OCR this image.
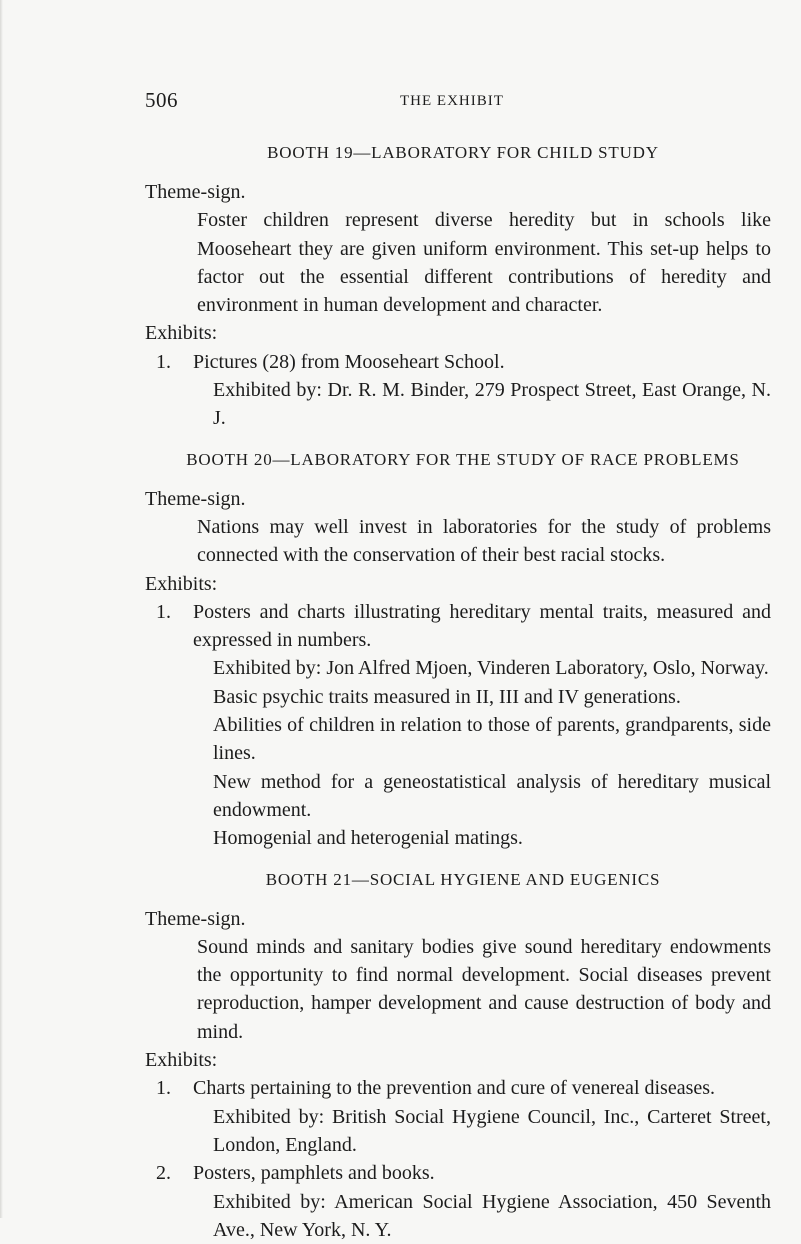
506	THE EXHIBIT

BOOTH 19—LABORATORY FOR CHILD STUDY

Theme-sign.

Foster children represent diverse heredity but in schools like Mooseheart they are given uniform environment. This set-up helps to factor out the essential different contributions of heredity and environment in human development and character.

Exhibits:

1. Pictures (28) from Mooseheart School.

Exhibited by: Dr. R. M. Binder, 279 Prospect Street, East Orange, N. J.

BOOTH 20—LABORATORY FOR THE STUDY OF RACE PROBLEMS

Theme-sign.

Nations may well invest in laboratories for the study of problems connected with the conservation of their best racial stocks.

Exhibits:

1. Posters and charts illustrating hereditary mental traits, measured and expressed in numbers.

Exhibited by: Jon Alfred Mjoen, Vinderen Laboratory, Oslo, Norway.

Basic psychic traits measured in II, III and IV generations.

Abilities of children in relation to those of parents, grandparents, side lines.

New method for a geneostatistical analysis of hereditary musical endowment.

Homogenial and heterogenial matings.

BOOTH 21—SOCIAL HYGIENE AND EUGENICS

Theme-sign.

Sound minds and sanitary bodies give sound hereditary endowments the opportunity to find normal development. Social diseases prevent reproduction, hamper development and cause destruction of body and mind.

Exhibits:

1. Charts pertaining to the prevention and cure of venereal diseases.

Exhibited by: British Social Hygiene Council, Inc., Carteret Street, London, England.

2. Posters, pamphlets and books.

Exhibited by: American Social Hygiene Association, 450 Seventh Ave., New York, N. Y.
